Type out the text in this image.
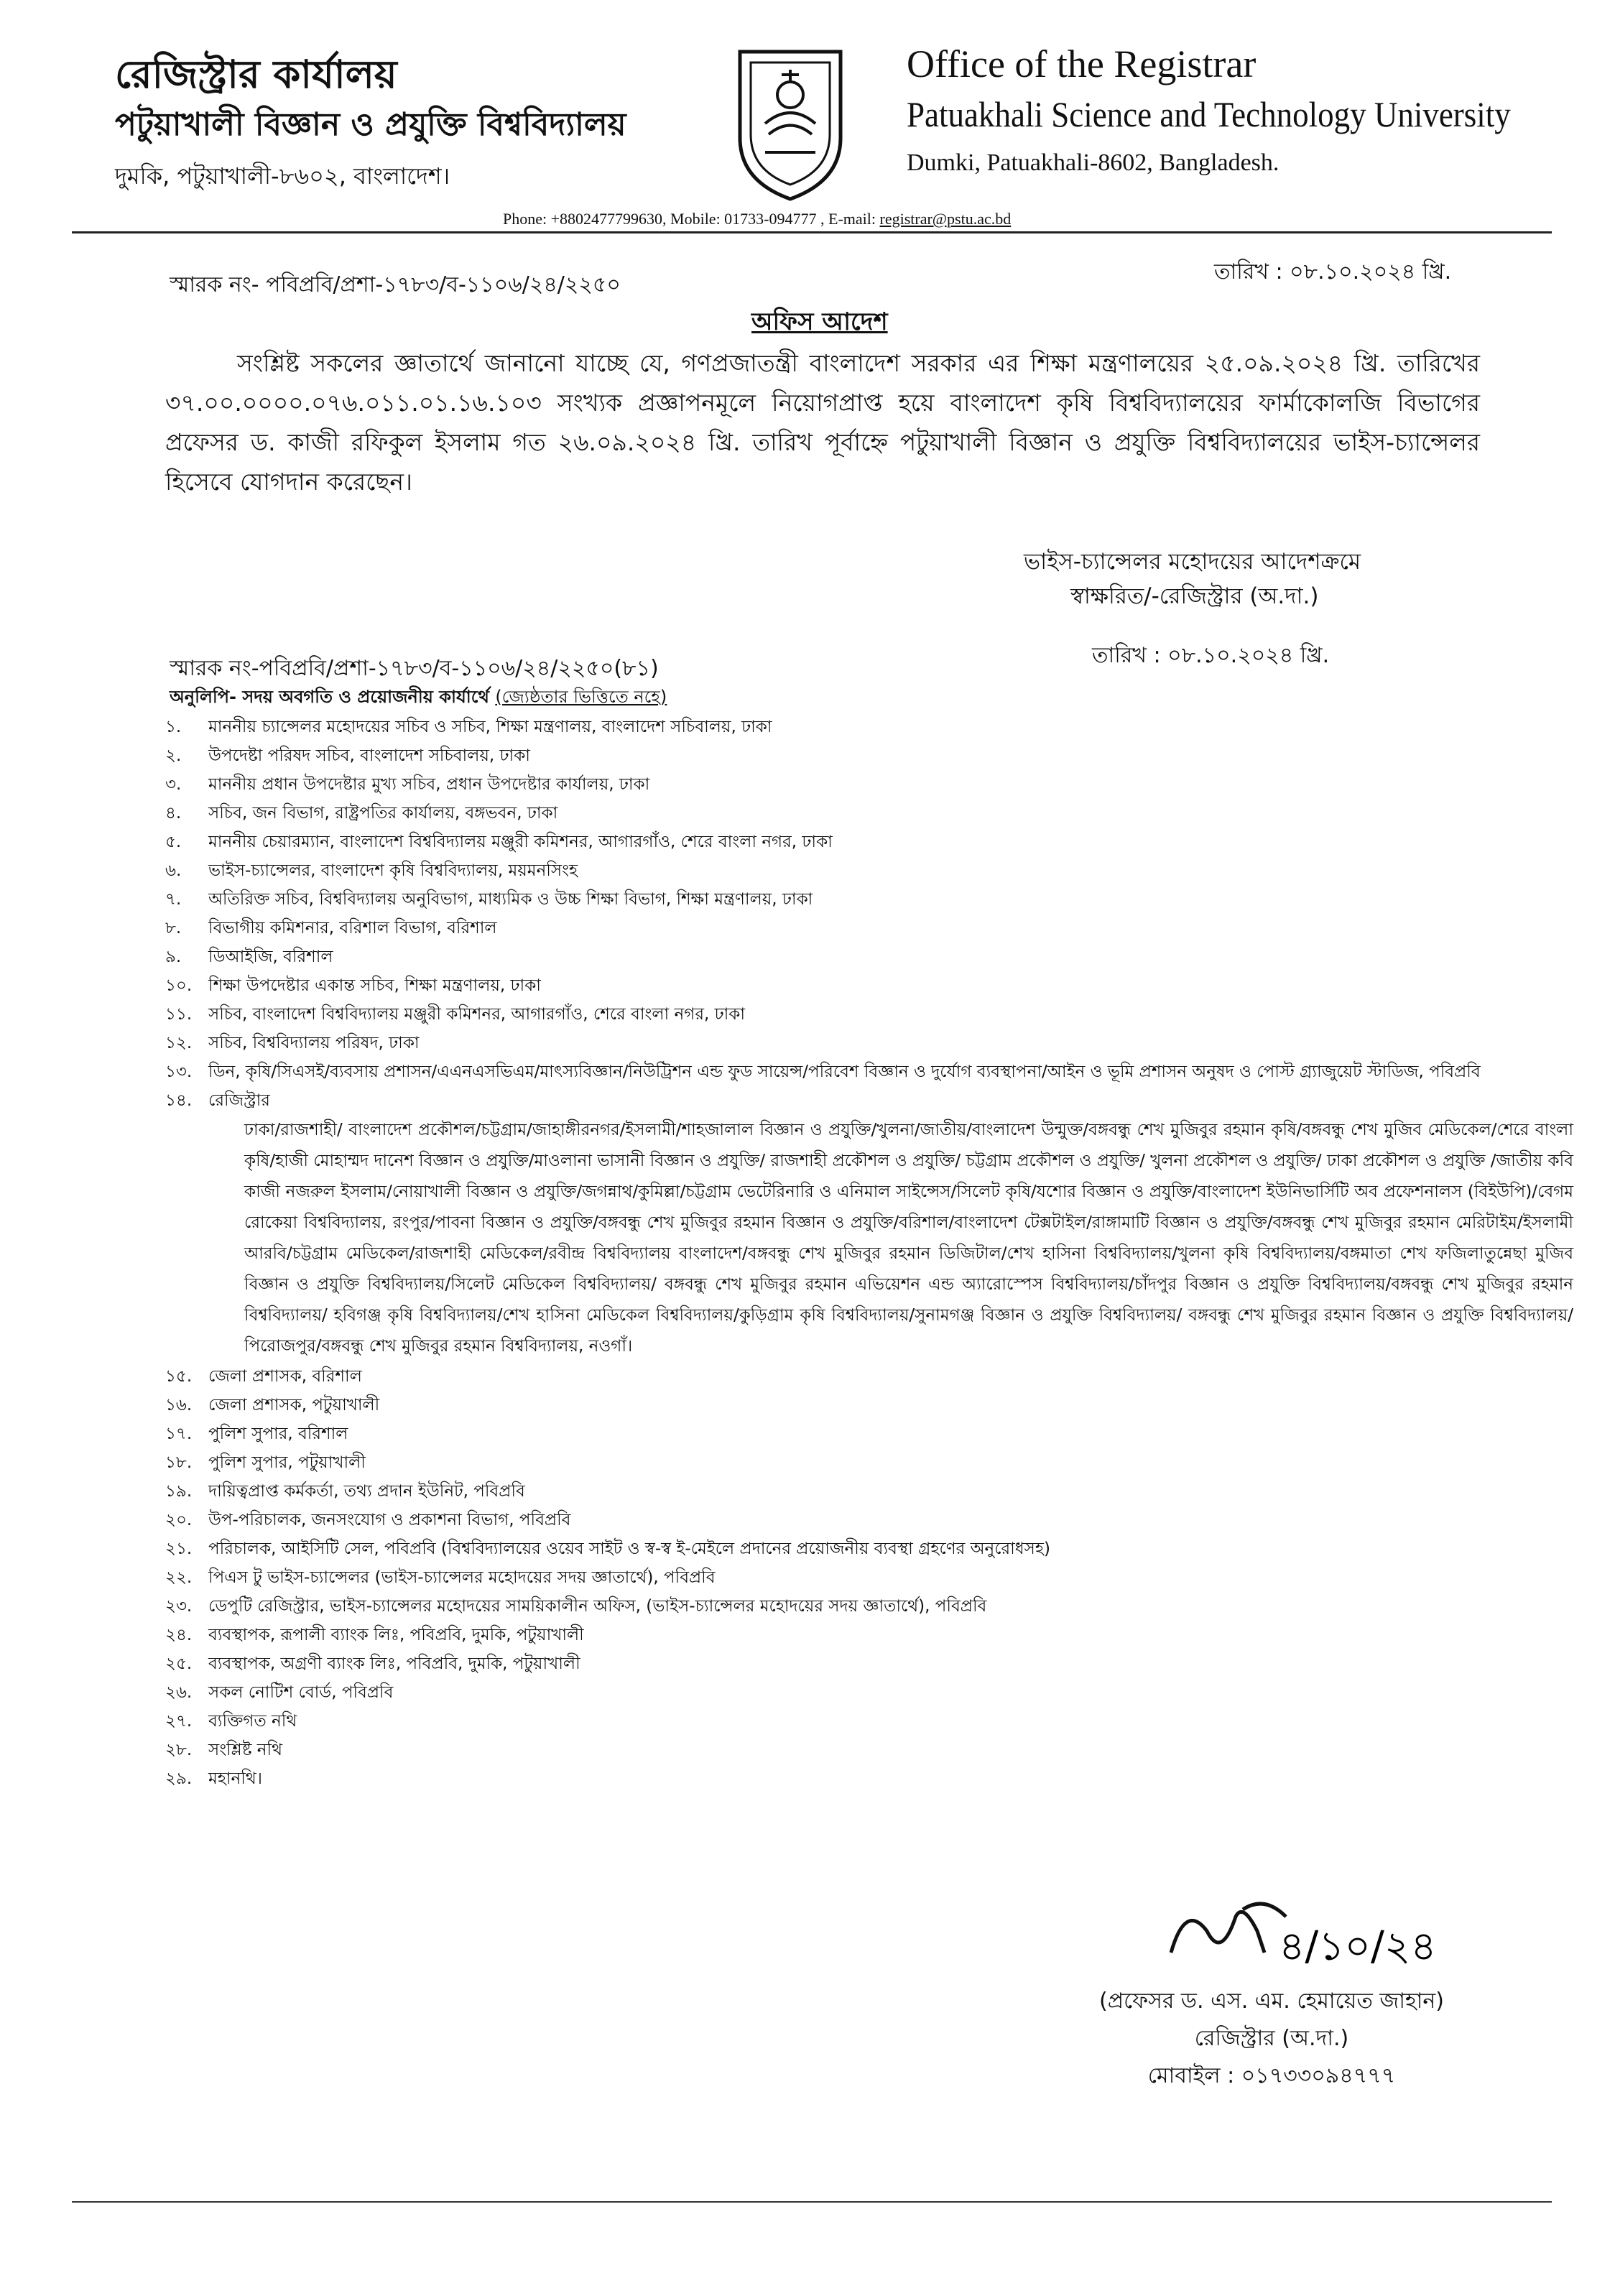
রেজিস্ট্রার কার্যালয়
পটুয়াখালী বিজ্ঞান ও প্রযুক্তি বিশ্ববিদ্যালয়
দুমকি, পটুয়াখালী-৮৬০২, বাংলাদেশ।
Office of the Registrar
Patuakhali Science and Technology University
Dumki, Patuakhali-8602, Bangladesh.
Phone: +8802477799630, Mobile: 01733-094777 , E-mail: registrar@pstu.ac.bd
স্মারক নং- পবিপ্রবি/প্রশা-১৭৮৩/ব-১১০৬/২৪/২২৫০
তারিখ : ০৮.১০.২০২৪ খ্রি.
অফিস আদেশ
সংশ্লিষ্ট সকলের জ্ঞাতার্থে জানানো যাচ্ছে যে, গণপ্রজাতন্ত্রী বাংলাদেশ সরকার এর শিক্ষা মন্ত্রণালয়ের ২৫.০৯.২০২৪ খ্রি. তারিখের ৩৭.০০.০০০০.০৭৬.০১১.০১.১৬.১০৩ সংখ্যক প্রজ্ঞাপনমূলে নিয়োগপ্রাপ্ত হয়ে বাংলাদেশ কৃষি বিশ্ববিদ্যালয়ের ফার্মাকোলজি বিভাগের প্রফেসর ড. কাজী রফিকুল ইসলাম গত ২৬.০৯.২০২৪ খ্রি. তারিখ পূর্বাহ্নে পটুয়াখালী বিজ্ঞান ও প্রযুক্তি বিশ্ববিদ্যালয়ের ভাইস-চ্যান্সেলর হিসেবে যোগদান করেছেন।
ভাইস-চ্যান্সেলর মহোদয়ের আদেশক্রমে
স্বাক্ষরিত/-রেজিস্ট্রার (অ.দা.)
স্মারক নং-পবিপ্রবি/প্রশা-১৭৮৩/ব-১১০৬/২৪/২২৫০(৮১)
তারিখ : ০৮.১০.২০২৪ খ্রি.
অনুলিপি- সদয় অবগতি ও প্রয়োজনীয় কার্যার্থে (জ্যেষ্ঠতার ভিত্তিতে নহে)
১.	মাননীয় চ্যান্সেলর মহোদয়ের সচিব ও সচিব, শিক্ষা মন্ত্রণালয়, বাংলাদেশ সচিবালয়, ঢাকা
২.	উপদেষ্টা পরিষদ সচিব, বাংলাদেশ সচিবালয়, ঢাকা
৩.	মাননীয় প্রধান উপদেষ্টার মুখ্য সচিব, প্রধান উপদেষ্টার কার্যালয়, ঢাকা
৪.	সচিব, জন বিভাগ, রাষ্ট্রপতির কার্যালয়, বঙ্গভবন, ঢাকা
৫.	মাননীয় চেয়ারম্যান, বাংলাদেশ বিশ্ববিদ্যালয় মঞ্জুরী কমিশনর, আগারগাঁও, শেরে বাংলা নগর, ঢাকা
৬.	ভাইস-চ্যান্সেলর, বাংলাদেশ কৃষি বিশ্ববিদ্যালয়, ময়মনসিংহ
৭.	অতিরিক্ত সচিব, বিশ্ববিদ্যালয় অনুবিভাগ, মাধ্যমিক ও উচ্চ শিক্ষা বিভাগ, শিক্ষা মন্ত্রণালয়, ঢাকা
৮.	বিভাগীয় কমিশনার, বরিশাল বিভাগ, বরিশাল
৯.	ডিআইজি, বরিশাল
১০. শিক্ষা উপদেষ্টার একান্ত সচিব, শিক্ষা মন্ত্রণালয়, ঢাকা
১১. সচিব, বাংলাদেশ বিশ্ববিদ্যালয় মঞ্জুরী কমিশনর, আগারগাঁও, শেরে বাংলা নগর, ঢাকা
১২. সচিব, বিশ্ববিদ্যালয় পরিষদ, ঢাকা
১৩. ডিন, কৃষি/সিএসই/ব্যবসায় প্রশাসন/এএনএসভিএম/মাৎস্যবিজ্ঞান/নিউট্রিশন এন্ড ফুড সায়েন্স/পরিবেশ বিজ্ঞান ও দুর্যোগ ব্যবস্থাপনা/আইন ও ভূমি প্রশাসন অনুষদ ও পোস্ট গ্র্যাজুয়েট স্টাডিজ, পবিপ্রবি
১৪. রেজিস্ট্রার
ঢাকা/রাজশাহী/ বাংলাদেশ প্রকৌশল/চট্টগ্রাম/জাহাঙ্গীরনগর/ইসলামী/শাহজালাল বিজ্ঞান ও প্রযুক্তি/খুলনা/জাতীয়/বাংলাদেশ উন্মুক্ত/বঙ্গবন্ধু শেখ মুজিবুর রহমান কৃষি/বঙ্গবন্ধু শেখ মুজিব মেডিকেল/শেরে বাংলা কৃষি/হাজী মোহাম্মদ দানেশ বিজ্ঞান ও প্রযুক্তি/মাওলানা ভাসানী বিজ্ঞান ও প্রযুক্তি/ রাজশাহী প্রকৌশল ও প্রযুক্তি/ চট্টগ্রাম প্রকৌশল ও প্রযুক্তি/ খুলনা প্রকৌশল ও প্রযুক্তি/ ঢাকা প্রকৌশল ও প্রযুক্তি /জাতীয় কবি কাজী নজরুল ইসলাম/নোয়াখালী বিজ্ঞান ও প্রযুক্তি/জগন্নাথ/কুমিল্লা/চট্টগ্রাম ভেটেরিনারি ও এনিমাল সাইন্সেস/সিলেট কৃষি/যশোর বিজ্ঞান ও প্রযুক্তি/বাংলাদেশ ইউনিভার্সিটি অব প্রফেশনালস (বিইউপি)/বেগম রোকেয়া বিশ্ববিদ্যালয়, রংপুর/পাবনা বিজ্ঞান ও প্রযুক্তি/বঙ্গবন্ধু শেখ মুজিবুর রহমান বিজ্ঞান ও প্রযুক্তি/বরিশাল/বাংলাদেশ টেক্সটাইল/রাঙ্গামাটি বিজ্ঞান ও প্রযুক্তি/বঙ্গবন্ধু শেখ মুজিবুর রহমান মেরিটাইম/ইসলামী আরবি/চট্টগ্রাম মেডিকেল/রাজশাহী মেডিকেল/রবীন্দ্র বিশ্ববিদ্যালয় বাংলাদেশ/বঙ্গবন্ধু শেখ মুজিবুর রহমান ডিজিটাল/শেখ হাসিনা বিশ্ববিদ্যালয়/খুলনা কৃষি বিশ্ববিদ্যালয়/বঙ্গমাতা শেখ ফজিলাতুন্নেছা মুজিব বিজ্ঞান ও প্রযুক্তি বিশ্ববিদ্যালয়/সিলেট মেডিকেল বিশ্ববিদ্যালয়/ বঙ্গবন্ধু শেখ মুজিবুর রহমান এভিয়েশন এন্ড অ্যারোস্পেস বিশ্ববিদ্যালয়/চাঁদপুর বিজ্ঞান ও প্রযুক্তি বিশ্ববিদ্যালয়/বঙ্গবন্ধু শেখ মুজিবুর রহমান বিশ্ববিদ্যালয়/ হবিগঞ্জ কৃষি বিশ্ববিদ্যালয়/শেখ হাসিনা মেডিকেল বিশ্ববিদ্যালয়/কুড়িগ্রাম কৃষি বিশ্ববিদ্যালয়/সুনামগঞ্জ বিজ্ঞান ও প্রযুক্তি বিশ্ববিদ্যালয়/ বঙ্গবন্ধু শেখ মুজিবুর রহমান বিজ্ঞান ও প্রযুক্তি বিশ্ববিদ্যালয়/পিরোজপুর/বঙ্গবন্ধু শেখ মুজিবুর রহমান বিশ্ববিদ্যালয়, নওগাঁ।
১৫. জেলা প্রশাসক, বরিশাল
১৬. জেলা প্রশাসক, পটুয়াখালী
১৭. পুলিশ সুপার, বরিশাল
১৮. পুলিশ সুপার, পটুয়াখালী
১৯. দায়িত্বপ্রাপ্ত কর্মকর্তা, তথ্য প্রদান ইউনিট, পবিপ্রবি
২০. উপ-পরিচালক, জনসংযোগ ও প্রকাশনা বিভাগ, পবিপ্রবি
২১. পরিচালক, আইসিটি সেল, পবিপ্রবি (বিশ্ববিদ্যালয়ের ওয়েব সাইট ও স্ব-স্ব ই-মেইলে প্রদানের প্রয়োজনীয় ব্যবস্থা গ্রহণের অনুরোধসহ)
২২. পিএস টু ভাইস-চ্যান্সেলর (ভাইস-চ্যান্সেলর মহোদয়ের সদয় জ্ঞাতার্থে), পবিপ্রবি
২৩. ডেপুটি রেজিস্ট্রার, ভাইস-চ্যান্সেলর মহোদয়ের সাময়িকালীন অফিস, (ভাইস-চ্যান্সেলর মহোদয়ের সদয় জ্ঞাতার্থে), পবিপ্রবি
২৪. ব্যবস্থাপক, রূপালী ব্যাংক লিঃ, পবিপ্রবি, দুমকি, পটুয়াখালী
২৫. ব্যবস্থাপক, অগ্রণী ব্যাংক লিঃ, পবিপ্রবি, দুমকি, পটুয়াখালী
২৬. সকল নোটিশ বোর্ড, পবিপ্রবি
২৭. ব্যক্তিগত নথি
২৮. সংশ্লিষ্ট নথি
২৯. মহানথি।
৪/১০/২৪
(প্রফেসর ড. এস. এম. হেমায়েত জাহান)
রেজিস্ট্রার (অ.দা.)
মোবাইল : ০১৭৩৩০৯৪৭৭৭
